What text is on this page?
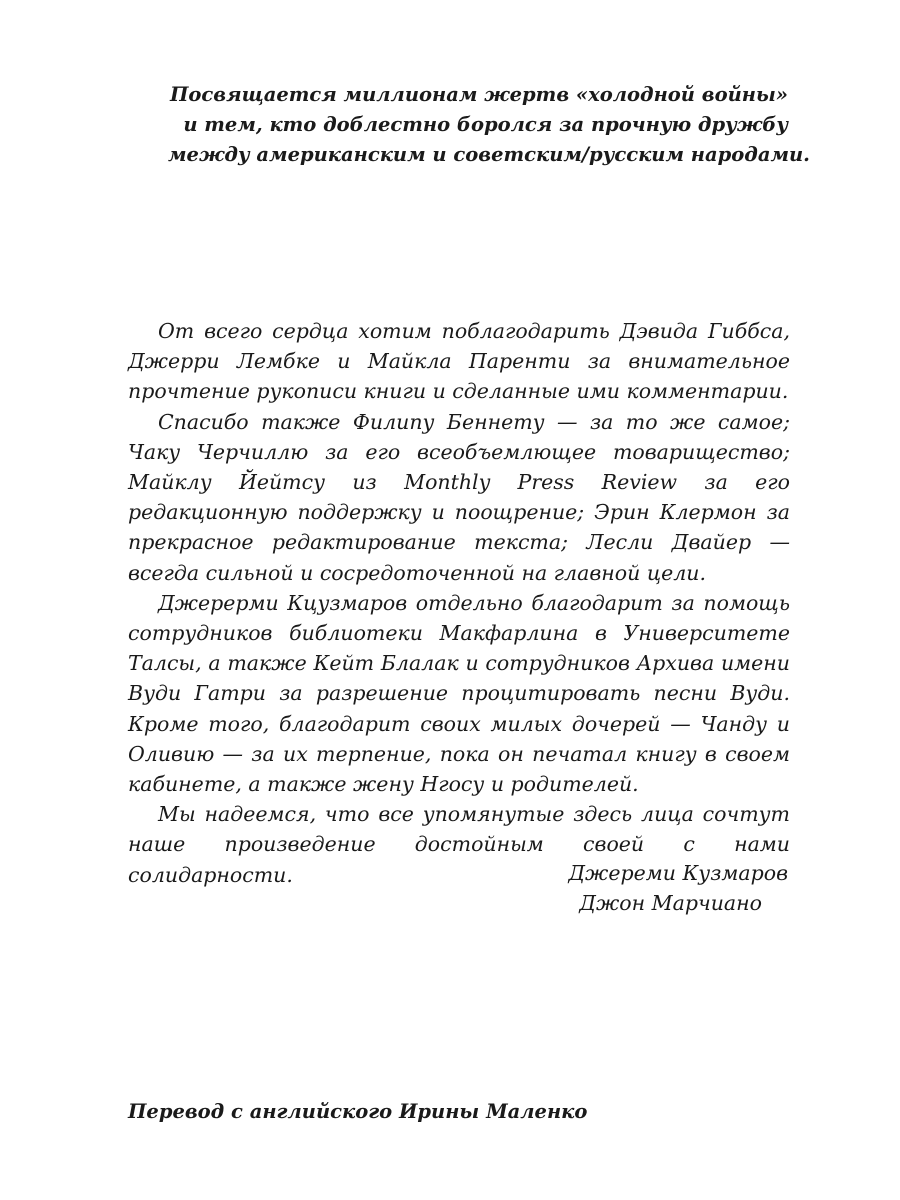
Посвящается миллионам жертв «холодной войны»
и тем, кто доблестно боролся за прочную дружбу
между американским и советским/русским народами.

От всего сердца хотим поблагодарить Дэвида Гиббса, Джерри Лембке и Майкла Паренти за внимательное прочтение рукописи книги и сделанные ими комментарии.

Спасибо также Филипу Беннету — за то же самое; Чаку Черчиллю за его всеобъемлющее товарищество; Майклу Йейтсу из Monthly Press Review за его редакционную поддержку и поощрение; Эрин Клермон за прекрасное редактирование текста; Лесли Двайер — всегда сильной и сосредоточенной на главной цели.

Джерерми Кцузмаров отдельно благодарит за помощь сотрудников библиотеки Макфарлина в Университете Талсы, а также Кейт Блалак и сотрудников Архива имени Вуди Гатри за разрешение процитировать песни Вуди. Кроме того, благодарит своих милых дочерей — Чанду и Оливию — за их терпение, пока он печатал книгу в своем кабинете, а также жену Нгосу и родителей.

Мы надеемся, что все упомянутые здесь лица сочтут наше произведение достойным своей с нами солидарности.	Джереми Кузмаров
Джон Марчиано
Перевод с английского Ирины Маленко
